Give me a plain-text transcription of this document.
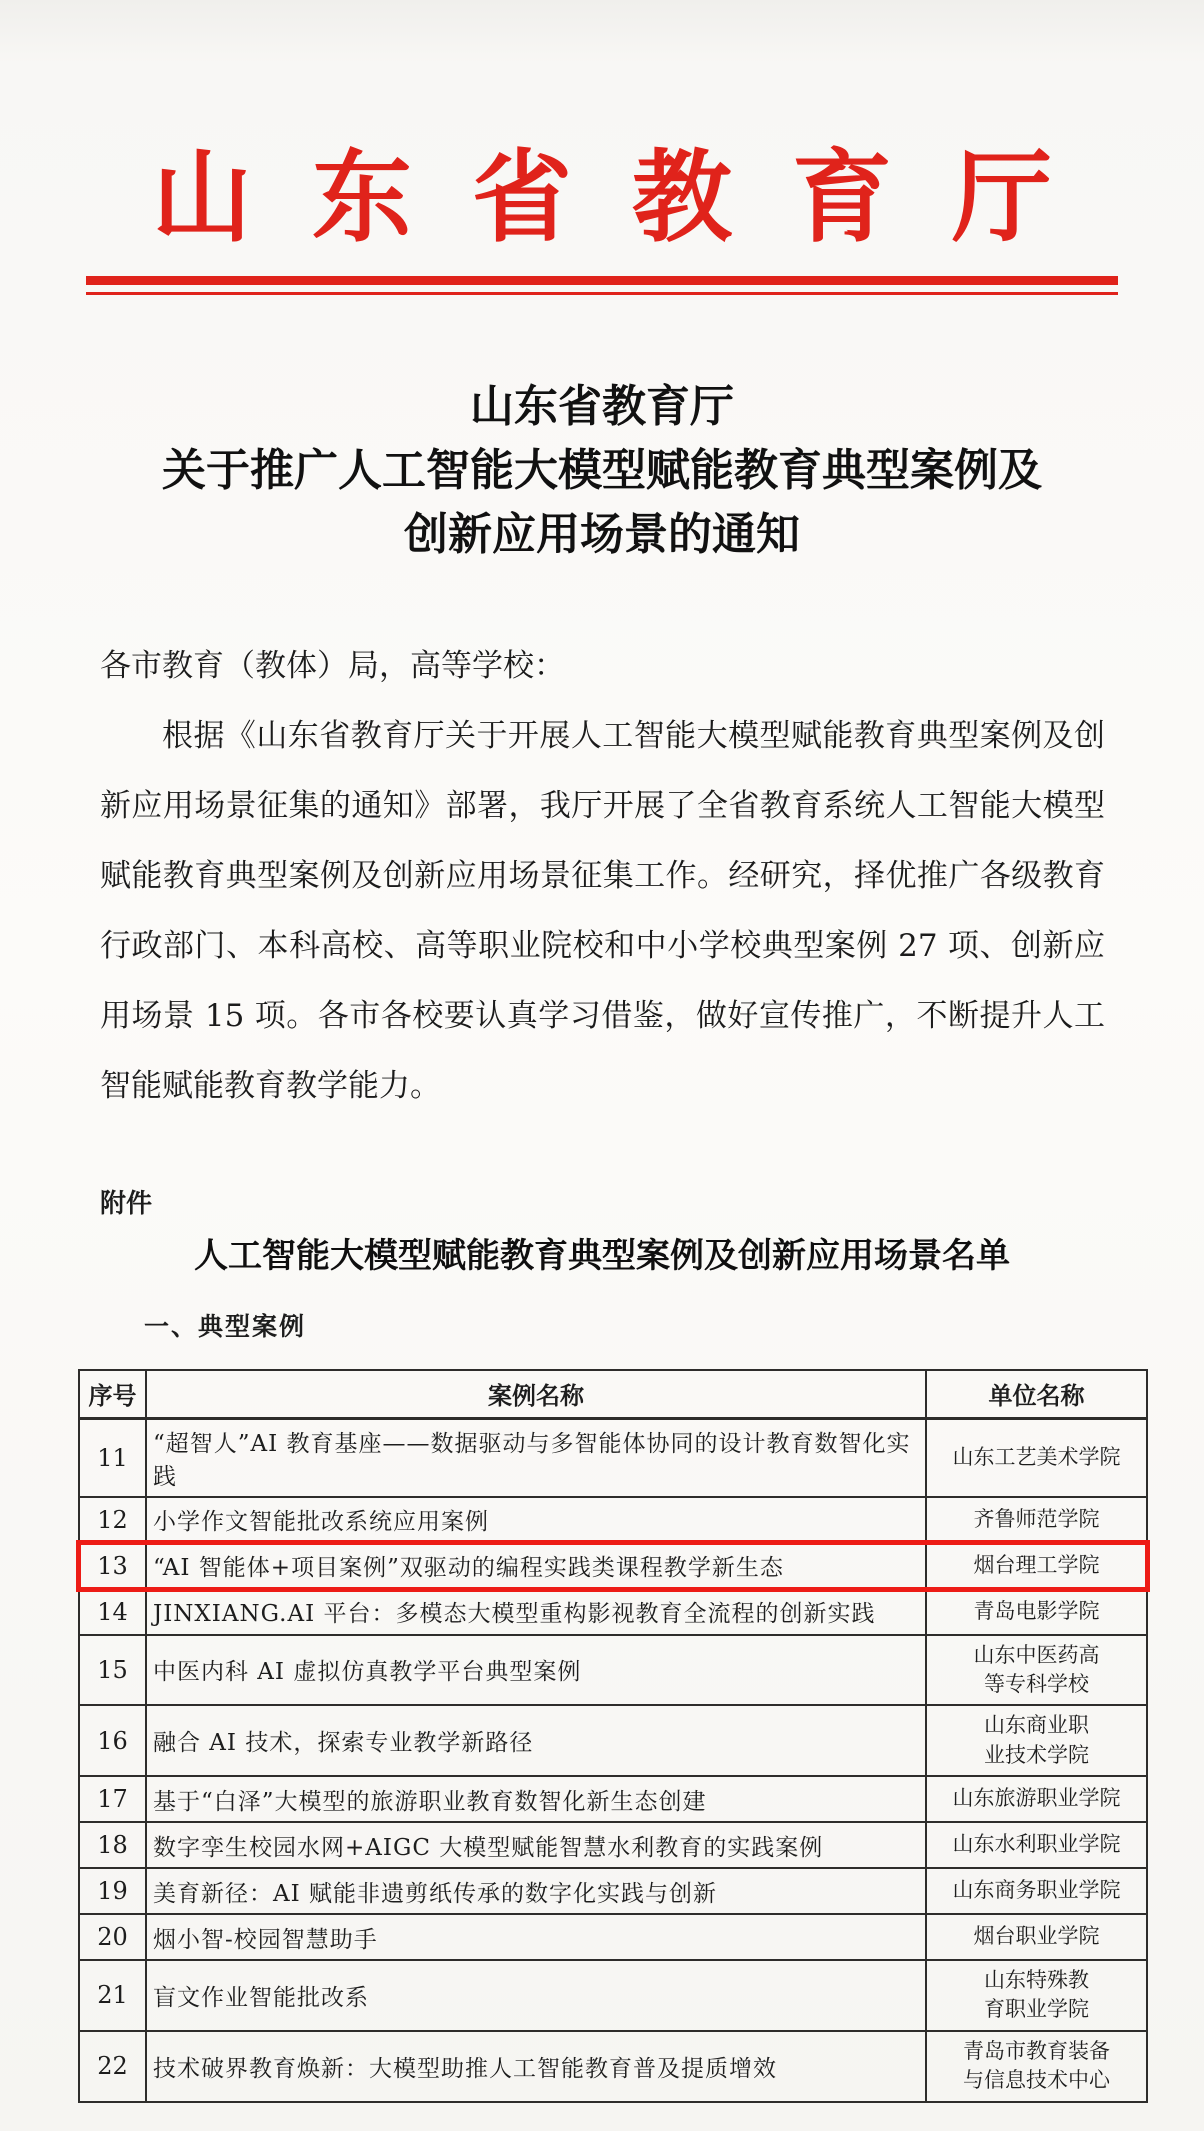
山东省教育厅
山东省教育厅
关于推广人工智能大模型赋能教育典型案例及
创新应用场景的通知
各市教育（教体）局，高等学校：
根据《山东省教育厅关于开展人工智能大模型赋能教育典型案例及创新应用场景征集的通知》部署，我厅开展了全省教育系统人工智能大模型赋能教育典型案例及创新应用场景征集工作。经研究，择优推广各级教育行政部门、本科高校、高等职业院校和中小学校典型案例 27 项、创新应用场景 15 项。各市各校要认真学习借鉴，做好宣传推广，不断提升人工智能赋能教育教学能力。
附件
人工智能大模型赋能教育典型案例及创新应用场景名单
一、典型案例
序号	案例名称	单位名称
11	“超智人”AI 教育基座——数据驱动与多智能体协同的设计教育数智化实践	山东工艺美术学院
12	小学作文智能批改系统应用案例	齐鲁师范学院
13	“AI 智能体+项目案例”双驱动的编程实践类课程教学新生态	烟台理工学院
14	JINXIANG.AI 平台：多模态大模型重构影视教育全流程的创新实践	青岛电影学院
15	中医内科 AI 虚拟仿真教学平台典型案例	山东中医药高等专科学校
16	融合 AI 技术，探索专业教学新路径	山东商业职业技术学院
17	基于“白泽”大模型的旅游职业教育数智化新生态创建	山东旅游职业学院
18	数字孪生校园水网+AIGC 大模型赋能智慧水利教育的实践案例	山东水利职业学院
19	美育新径：AI 赋能非遗剪纸传承的数字化实践与创新	山东商务职业学院
20	烟小智-校园智慧助手	烟台职业学院
21	盲文作业智能批改系	山东特殊教育职业学院
22	技术破界教育焕新：大模型助推人工智能教育普及提质增效	青岛市教育装备与信息技术中心
